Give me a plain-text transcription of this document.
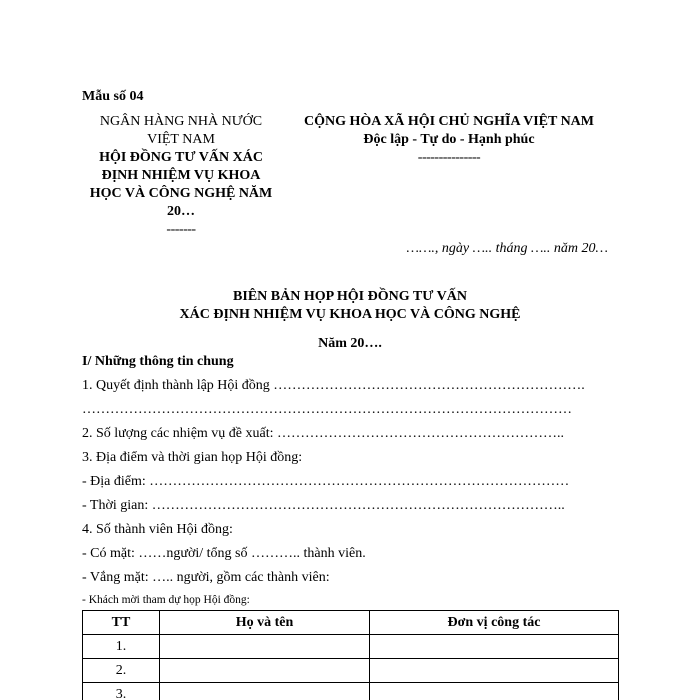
Mẫu số 04
NGÂN HÀNG NHÀ NƯỚC
VIỆT NAM
HỘI ĐỒNG TƯ VẤN XÁC
ĐỊNH NHIỆM VỤ KHOA
HỌC VÀ CÔNG NGHỆ NĂM
20…
-------
CỘNG HÒA XÃ HỘI CHỦ NGHĨA VIỆT NAM
Độc lập - Tự do - Hạnh phúc
---------------
……., ngày ….. tháng ….. năm 20…
BIÊN BẢN HỌP HỘI ĐỒNG TƯ VẤN
XÁC ĐỊNH NHIỆM VỤ KHOA HỌC VÀ CÔNG NGHỆ
Năm 20….
I/ Những thông tin chung
1. Quyết định thành lập Hội đồng ………………………………………………………….
……………………………………………………………………………………………
2. Số lượng các nhiệm vụ đề xuất: ……………………………………………………..
3. Địa điểm và thời gian họp Hội đồng:
- Địa điểm: ………………………………………………………………………………
- Thời gian: ……………………………………………………………………………..
4. Số thành viên Hội đồng:
- Có mặt: ……người/ tổng số ……….. thành viên.
- Vắng mặt: ….. người, gồm các thành viên:
- Khách mời tham dự họp Hội đồng:
TT	Họ và tên	Đơn vị công tác
1.		
2.		
3.		
